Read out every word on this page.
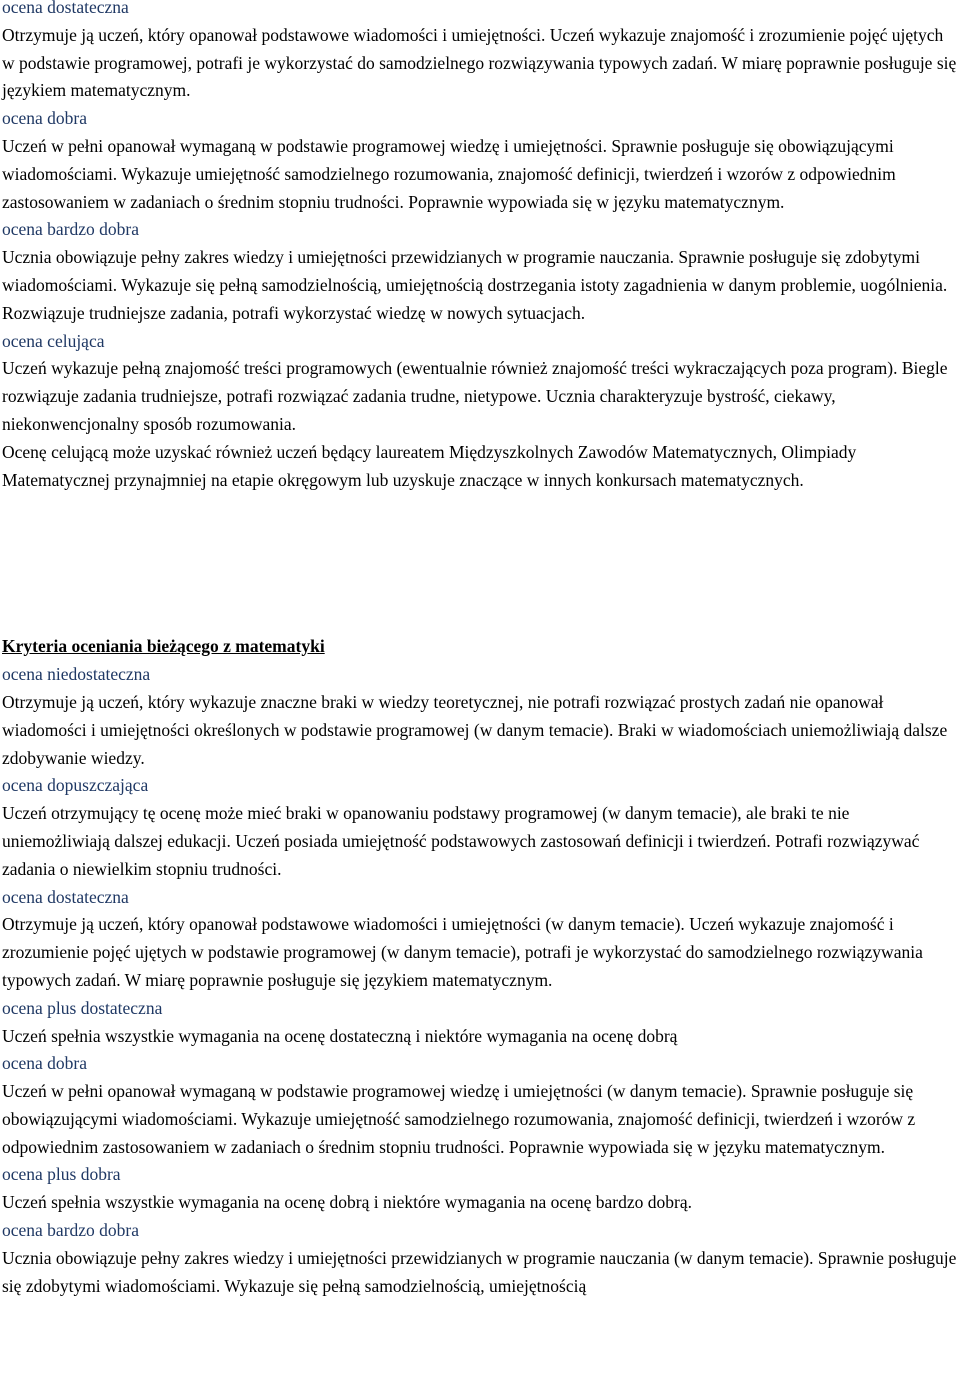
ocena dostateczna

Otrzymuje ją uczeń, który opanował podstawowe wiadomości i umiejętności. Uczeń wykazuje znajomość i zrozumienie pojęć ujętych w podstawie programowej, potrafi je wykorzystać do samodzielnego rozwiązywania typowych zadań. W miarę poprawnie posługuje się językiem matematycznym.

ocena dobra

Uczeń w pełni opanował wymaganą w podstawie programowej wiedzę i umiejętności. Sprawnie posługuje się obowiązującymi wiadomościami. Wykazuje umiejętność samodzielnego rozumowania, znajomość definicji, twierdzeń i wzorów z odpowiednim zastosowaniem w zadaniach o średnim stopniu trudności. Poprawnie wypowiada się w języku matematycznym.

ocena bardzo dobra

Ucznia obowiązuje pełny zakres wiedzy i umiejętności przewidzianych w programie nauczania. Sprawnie posługuje się zdobytymi wiadomościami. Wykazuje się pełną samodzielnością, umiejętnością dostrzegania istoty zagadnienia w danym problemie, uogólnienia. Rozwiązuje trudniejsze zadania, potrafi wykorzystać wiedzę w nowych sytuacjach.

ocena celująca

Uczeń wykazuje pełną znajomość treści programowych (ewentualnie również znajomość treści wykraczających poza program). Biegle rozwiązuje zadania trudniejsze, potrafi rozwiązać zadania trudne, nietypowe. Ucznia charakteryzuje bystrość, ciekawy, niekonwencjonalny sposób rozumowania.

Ocenę celującą może uzyskać również uczeń będący laureatem Międzyszkolnych Zawodów Matematycznych, Olimpiady Matematycznej przynajmniej na etapie okręgowym lub uzyskuje znaczące w innych konkursach matematycznych.

Kryteria oceniania bieżącego z matematyki

ocena niedostateczna

Otrzymuje ją uczeń, który wykazuje znaczne braki w wiedzy teoretycznej, nie potrafi rozwiązać prostych zadań nie opanował wiadomości i umiejętności określonych w podstawie programowej (w danym temacie). Braki w wiadomościach uniemożliwiają dalsze zdobywanie wiedzy.

ocena dopuszczająca

Uczeń otrzymujący tę ocenę może mieć braki w opanowaniu podstawy programowej (w danym temacie), ale braki te nie uniemożliwiają dalszej edukacji. Uczeń posiada umiejętność podstawowych zastosowań definicji i twierdzeń. Potrafi rozwiązywać zadania o niewielkim stopniu trudności.

ocena dostateczna

Otrzymuje ją uczeń, który opanował podstawowe wiadomości i umiejętności (w danym temacie). Uczeń wykazuje znajomość i zrozumienie pojęć ujętych w podstawie programowej (w danym temacie), potrafi je wykorzystać do samodzielnego rozwiązywania typowych zadań. W miarę poprawnie posługuje się językiem matematycznym.

ocena plus dostateczna

Uczeń spełnia wszystkie wymagania na ocenę dostateczną i niektóre wymagania na ocenę dobrą

ocena dobra

Uczeń w pełni opanował wymaganą w podstawie programowej wiedzę i umiejętności (w danym temacie). Sprawnie posługuje się obowiązującymi wiadomościami. Wykazuje umiejętność samodzielnego rozumowania, znajomość definicji, twierdzeń i wzorów z odpowiednim zastosowaniem w zadaniach o średnim stopniu trudności. Poprawnie wypowiada się w języku matematycznym.

ocena plus dobra

Uczeń spełnia wszystkie wymagania na ocenę dobrą i niektóre wymagania na ocenę bardzo dobrą.

ocena bardzo dobra

Ucznia obowiązuje pełny zakres wiedzy i umiejętności przewidzianych w programie nauczania (w danym temacie). Sprawnie posługuje się zdobytymi wiadomościami. Wykazuje się pełną samodzielnością, umiejętnością
